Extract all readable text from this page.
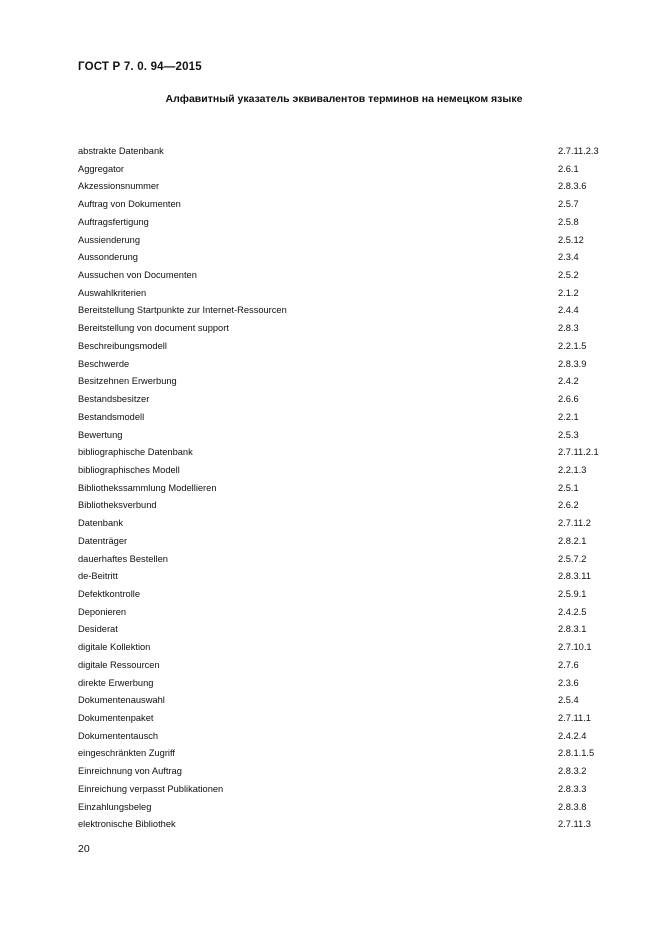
ГОСТ Р 7. 0. 94—2015
Алфавитный указатель эквивалентов терминов на немецком языке
abstrakte Datenbank	2.7.11.2.3
Aggregator	2.6.1
Akzessionsnummer	2.8.3.6
Auftrag von Dokumenten	2.5.7
Auftragsfertigung	2.5.8
Aussienderung	2.5.12
Aussonderung	2.3.4
Aussuchen von Documenten	2.5.2
Auswahlkriterien	2.1.2
Bereitstellung Startpunkte zur Internet-Ressourcen	2.4.4
Bereitstellung von document support	2.8.3
Beschreibungsmodell	2.2.1.5
Beschwerde	2.8.3.9
Besitzehnen Erwerbung	2.4.2
Bestandsbesitzer	2.6.6
Bestandsmodell	2.2.1
Bewertung	2.5.3
bibliographische Datenbank	2.7.11.2.1
bibliographisches Modell	2.2.1.3
Bibliothekssammlung Modellieren	2.5.1
Bibliotheksverbund	2.6.2
Datenbank	2.7.11.2
Datenträger	2.8.2.1
dauerhaftes Bestellen	2.5.7.2
de-Beitritt	2.8.3.11
Defektkontrolle	2.5.9.1
Deponieren	2.4.2.5
Desiderat	2.8.3.1
digitale Kollektion	2.7.10.1
digitale Ressourcen	2.7.6
direkte Erwerbung	2.3.6
Dokumentenauswahl	2.5.4
Dokumentenpaket	2.7.11.1
Dokumententausch	2.4.2.4
eingeschränkten Zugriff	2.8.1.1.5
Einreichnung von Auftrag	2.8.3.2
Einreichung verpasst Publikationen	2.8.3.3
Einzahlungsbeleg	2.8.3.8
elektronische Bibliothek	2.7.11.3
20
